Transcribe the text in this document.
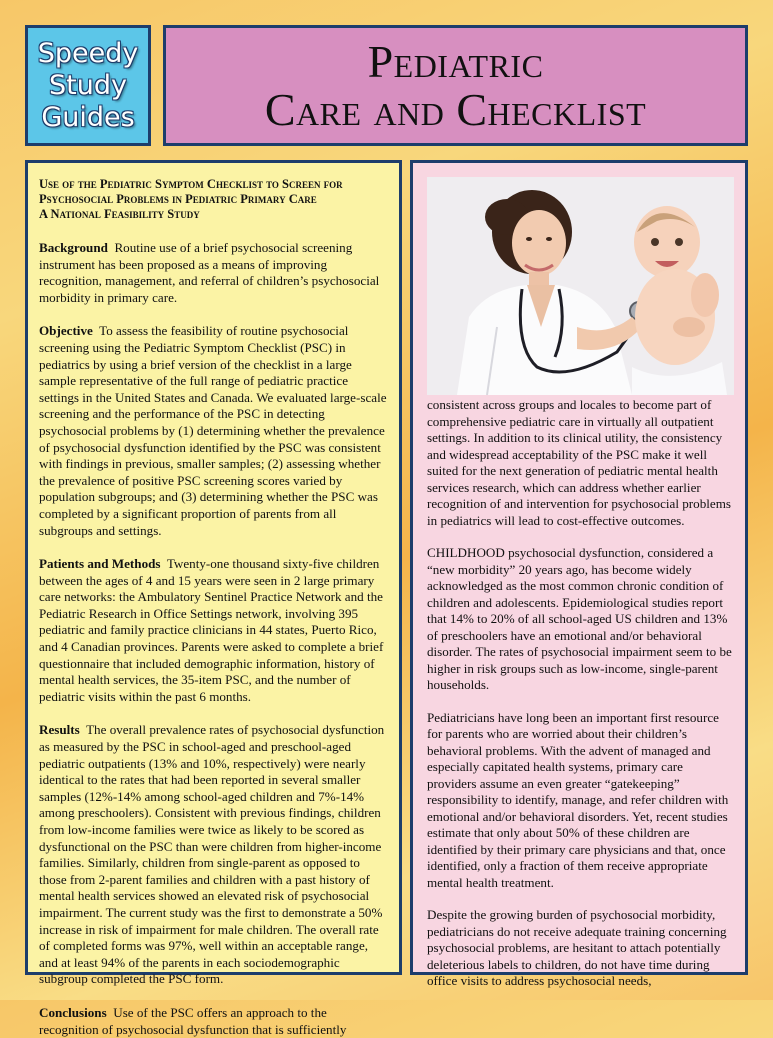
Speedy
Study
Guides
Pediatric
Care and Checklist
Use of the Pediatric Symptom Checklist to Screen for
Psychosocial Problems in Pediatric Primary Care
A National Feasibility Study

Background Routine use of a brief psychosocial screening instrument has been proposed as a means of improving recognition, management, and referral of children’s psychosocial morbidity in primary care.

Objective To assess the feasibility of routine psychosocial screening using the Pediatric Symptom Checklist (PSC) in pediatrics by using a brief version of the checklist in a large sample representative of the full range of pediatric practice settings in the United States and Canada. We evaluated large-scale screening and the performance of the PSC in detecting psychosocial problems by (1) determining whether the prevalence of psychosocial dysfunction identified by the PSC was consistent with findings in previous, smaller samples; (2) assessing whether the prevalence of positive PSC screening scores varied by population subgroups; and (3) determining whether the PSC was completed by a significant proportion of parents from all subgroups and settings.

Patients and Methods Twenty-one thousand sixty-five children between the ages of 4 and 15 years were seen in 2 large primary care networks: the Ambulatory Sentinel Practice Network and the Pediatric Research in Office Settings network, involving 395 pediatric and family practice clinicians in 44 states, Puerto Rico, and 4 Canadian provinces. Parents were asked to complete a brief questionnaire that included demographic information, history of mental health services, the 35-item PSC, and the number of pediatric visits within the past 6 months.

Results The overall prevalence rates of psychosocial dysfunction as measured by the PSC in school-aged and preschool-aged pediatric outpatients (13% and 10%, respectively) were nearly identical to the rates that had been reported in several smaller samples (12%-14% among school-aged children and 7%-14% among preschoolers). Consistent with previous findings, children from low-income families were twice as likely to be scored as dysfunctional on the PSC than were children from higher-income families. Similarly, children from single-parent as opposed to those from 2-parent families and children with a past history of mental health services showed an elevated risk of psychosocial impairment. The current study was the first to demonstrate a 50% increase in risk of impairment for male children. The overall rate of completed forms was 97%, well within an acceptable range, and at least 94% of the parents in each sociodemographic subgroup completed the PSC form.

Conclusions Use of the PSC offers an approach to the recognition of psychosocial dysfunction that is sufficiently

consistent across groups and locales to become part of comprehensive pediatric care in virtually all outpatient settings. In addition to its clinical utility, the consistency and widespread acceptability of the PSC make it well suited for the next generation of pediatric mental health services research, which can address whether earlier recognition of and intervention for psychosocial problems in pediatrics will lead to cost-effective outcomes.

CHILDHOOD psychosocial dysfunction, considered a “new morbidity” 20 years ago, has become widely acknowledged as the most common chronic condition of children and adolescents. Epidemiological studies report that 14% to 20% of all school-aged US children and 13% of preschoolers have an emotional and/or behavioral disorder. The rates of psychosocial impairment seem to be higher in risk groups such as low-income, single-parent households.

Pediatricians have long been an important first resource for parents who are worried about their children’s behavioral problems. With the advent of managed and especially capitated health systems, primary care providers assume an even greater “gatekeeping” responsibility to identify, manage, and refer children with emotional and/or behavioral disorders. Yet, recent studies estimate that only about 50% of these children are identified by their primary care physicians and that, once identified, only a fraction of them receive appropriate mental health treatment.

Despite the growing burden of psychosocial morbidity, pediatricians do not receive adequate training concerning psychosocial problems, are hesitant to attach potentially deleterious labels to children, do not have time during office visits to address psychosocial needs,
